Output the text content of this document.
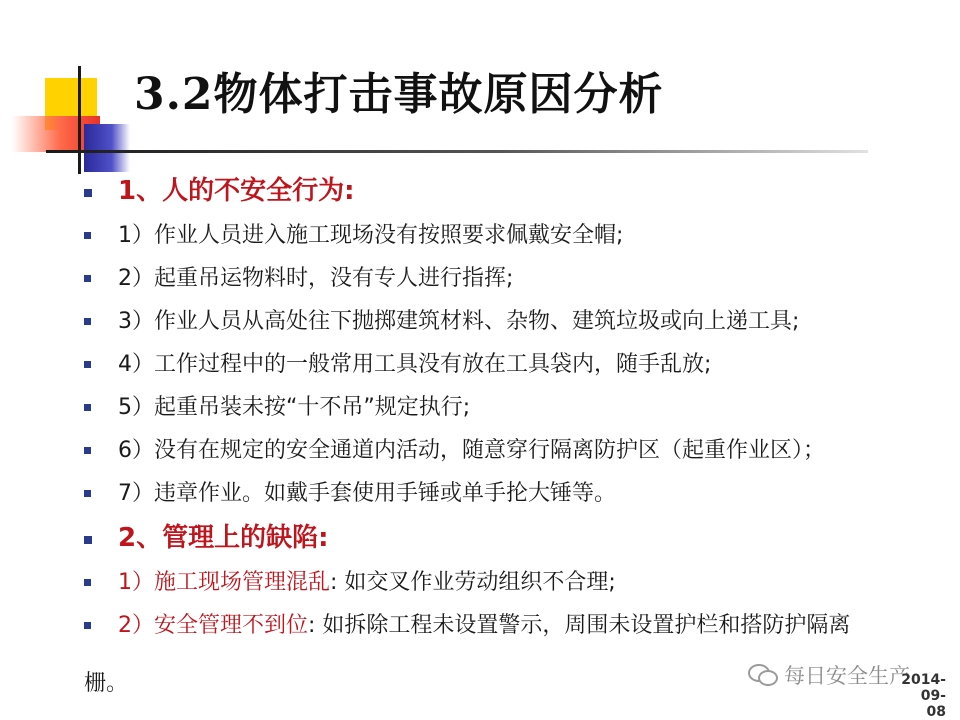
3.2物体打击事故原因分析
1、人的不安全行为:
1）作业人员进入施工现场没有按照要求佩戴安全帽;
2）起重吊运物料时，没有专人进行指挥;
3）作业人员从高处往下抛掷建筑材料、杂物、建筑垃圾或向上递工具;
4）工作过程中的一般常用工具没有放在工具袋内，随手乱放;
5）起重吊装未按“十不吊”规定执行;
6）没有在规定的安全通道内活动，随意穿行隔离防护区（起重作业区）；
7）违章作业。如戴手套使用手锤或单手抡大锤等。
2、管理上的缺陷:
1）施工现场管理混乱: 如交叉作业劳动组织不合理;
2）安全管理不到位: 如拆除工程未设置警示，周围未设置护栏和搭防护隔离
栅。	每日安全生产
2014-09-
08
